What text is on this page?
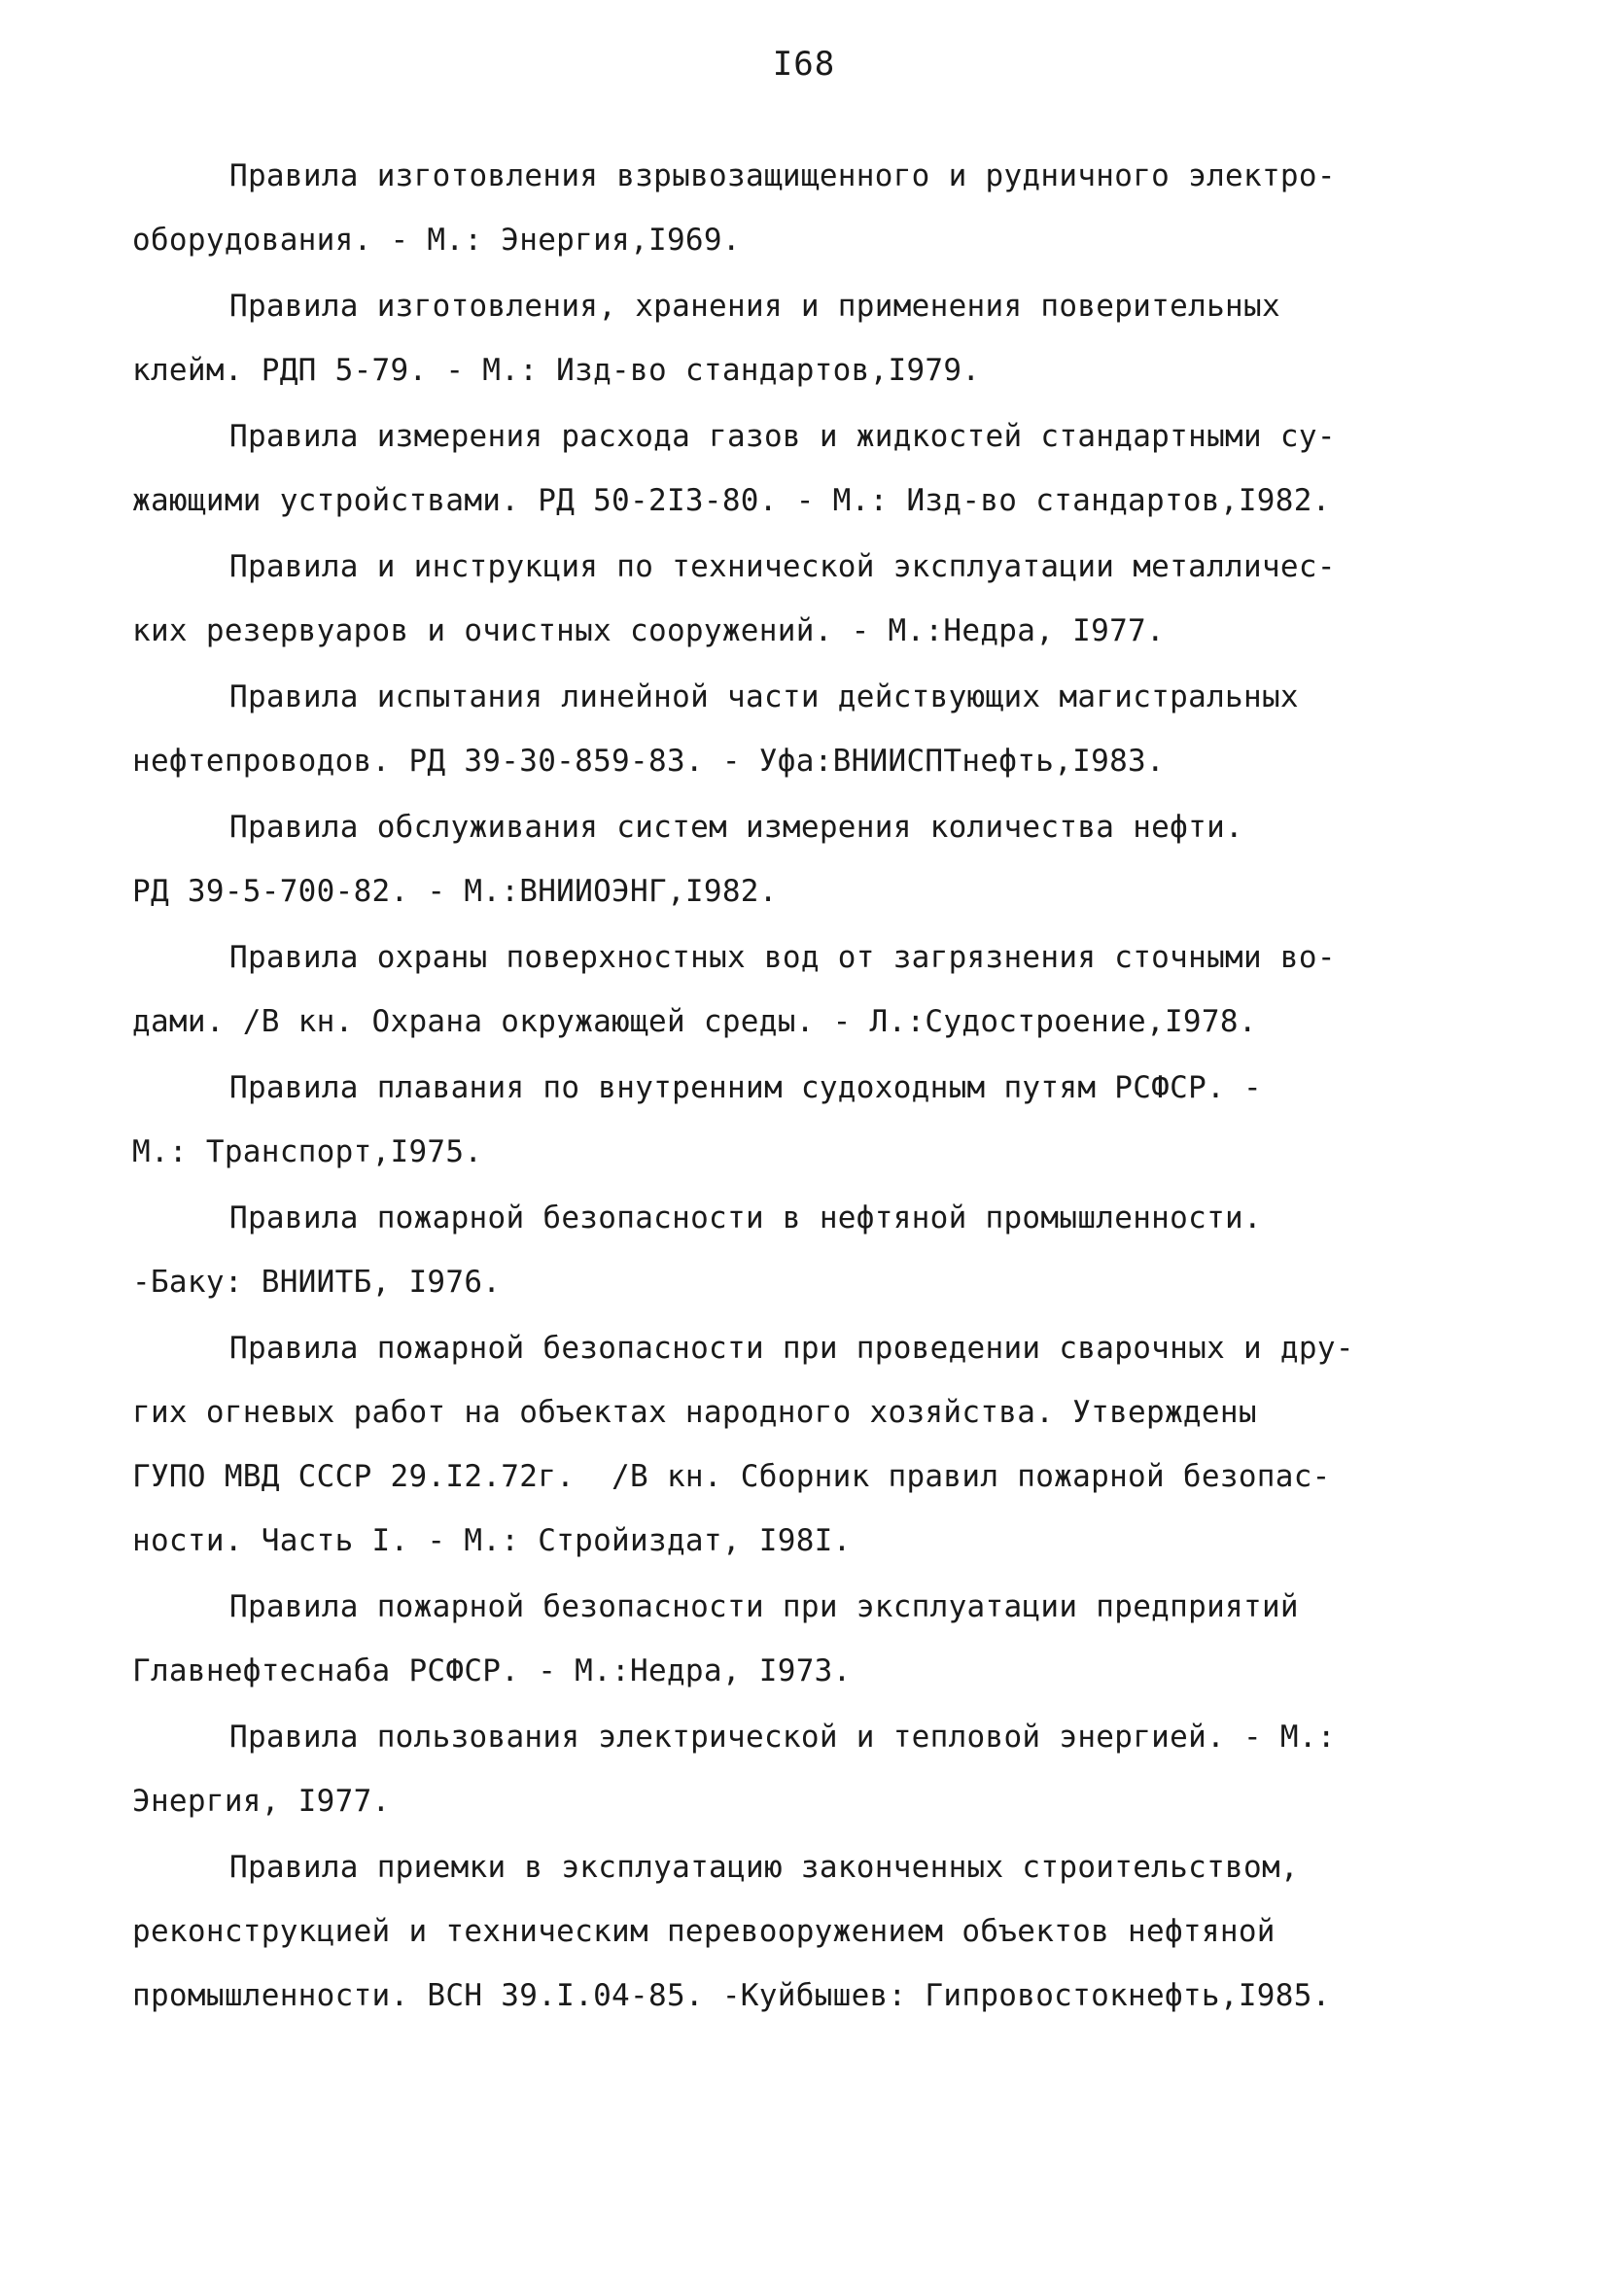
I68
Правила изготовления взрывозащищенного и рудничного электро-
оборудования. - М.: Энергия,I969.
Правила изготовления, хранения и применения поверительных
клейм. РДП 5-79. - М.: Изд-во стандартов,I979.
Правила измерения расхода газов и жидкостей стандартными су-
жающими устройствами. РД 50-2I3-80. - М.: Изд-во стандартов,I982.
Правила и инструкция по технической эксплуатации металличес-
ких резервуаров и очистных сооружений. - М.:Недра, I977.
Правила испытания линейной части действующих магистральных
нефтепроводов. РД 39-30-859-83. - Уфа:ВНИИСПТнефть,I983.
Правила обслуживания систем измерения количества нефти.
РД 39-5-700-82. - М.:ВНИИОЭНГ,I982.
Правила охраны поверхностных вод от загрязнения сточными во-
дами. /В кн. Охрана окружающей среды. - Л.:Судостроение,I978.
Правила плавания по внутренним судоходным путям РСФСР. -
М.: Транспорт,I975.
Правила пожарной безопасности в нефтяной промышленности.
-Баку: ВНИИТБ, I976.
Правила пожарной безопасности при проведении сварочных и дру-
гих огневых работ на объектах народного хозяйства. Утверждены
ГУПО МВД СССР 29.I2.72г.  /В кн. Сборник правил пожарной безопас-
ности. Часть I. - М.: Стройиздат, I98I.
Правила пожарной безопасности при эксплуатации предприятий
Главнефтеснаба РСФСР. - М.:Недра, I973.
Правила пользования электрической и тепловой энергией. - М.:
Энергия, I977.
Правила приемки в эксплуатацию законченных строительством,
реконструкцией и техническим перевооружением объектов нефтяной
промышленности. ВСН 39.I.04-85. -Куйбышев: Гипровостокнефть,I985.
